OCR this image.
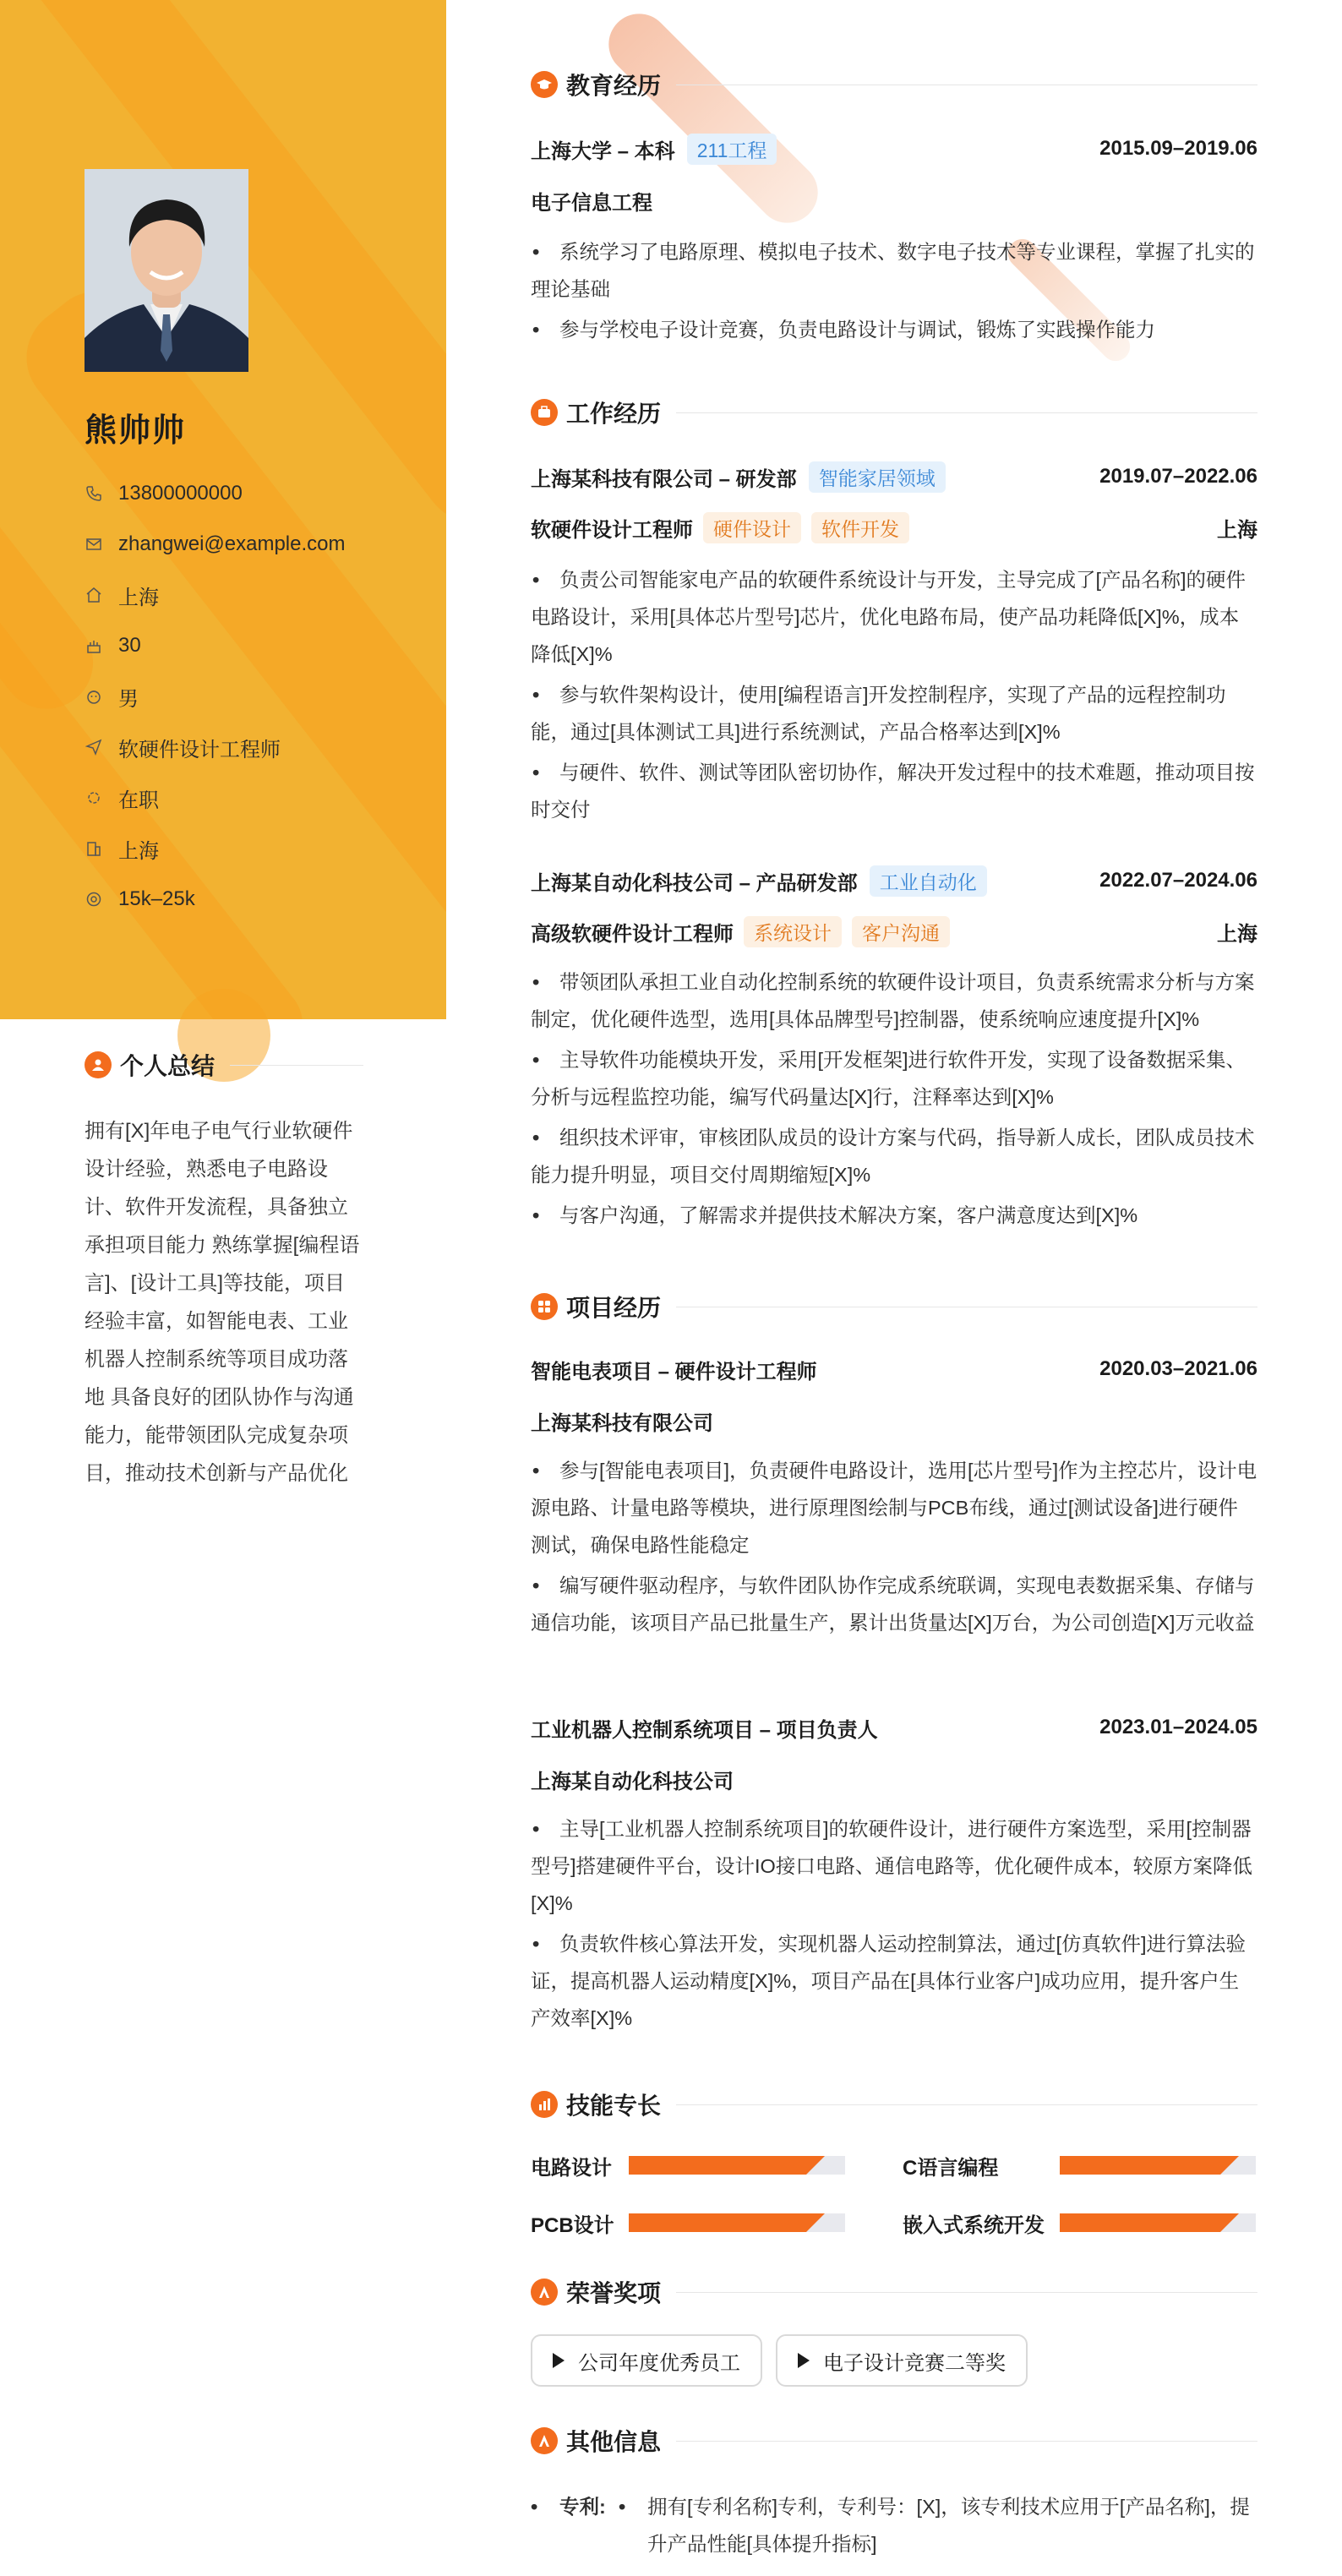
熊帅帅
13800000000
zhangwei@example.com
上海
30
男
软硬件设计工程师
在职
上海
15k–25k
个人总结
拥有[X]年电子电气行业软硬件设计经验，熟悉电子电路设计、软件开发流程，具备独立承担项目能力 熟练掌握[编程语言]、[设计工具]等技能，项目经验丰富，如智能电表、工业机器人控制系统等项目成功落地 具备良好的团队协作与沟通能力，能带领团队完成复杂项目，推动技术创新与产品优化
教育经历
上海大学 – 本科	211工程	2015.09–2019.06
电子信息工程
• 系统学习了电路原理、模拟电子技术、数字电子技术等专业课程，掌握了扎实的理论基础
• 参与学校电子设计竞赛，负责电路设计与调试，锻炼了实践操作能力
工作经历
上海某科技有限公司 – 研发部	智能家居领域	2019.07–2022.06
软硬件设计工程师	硬件设计	软件开发	上海
• 负责公司智能家电产品的软硬件系统设计与开发，主导完成了[产品名称]的硬件电路设计，采用[具体芯片型号]芯片，优化电路布局，使产品功耗降低[X]%，成本降低[X]%
• 参与软件架构设计，使用[编程语言]开发控制程序，实现了产品的远程控制功能，通过[具体测试工具]进行系统测试，产品合格率达到[X]%
• 与硬件、软件、测试等团队密切协作，解决开发过程中的技术难题，推动项目按时交付
上海某自动化科技公司 – 产品研发部	工业自动化	2022.07–2024.06
高级软硬件设计工程师	系统设计	客户沟通	上海
• 带领团队承担工业自动化控制系统的软硬件设计项目，负责系统需求分析与方案制定，优化硬件选型，选用[具体品牌型号]控制器，使系统响应速度提升[X]%
• 主导软件功能模块开发，采用[开发框架]进行软件开发，实现了设备数据采集、分析与远程监控功能，编写代码量达[X]行，注释率达到[X]%
• 组织技术评审，审核团队成员的设计方案与代码，指导新人成长，团队成员技术能力提升明显，项目交付周期缩短[X]%
• 与客户沟通，了解需求并提供技术解决方案，客户满意度达到[X]%
项目经历
智能电表项目 – 硬件设计工程师	2020.03–2021.06
上海某科技有限公司
• 参与[智能电表项目]，负责硬件电路设计，选用[芯片型号]作为主控芯片，设计电源电路、计量电路等模块，进行原理图绘制与PCB布线，通过[测试设备]进行硬件测试，确保电路性能稳定
• 编写硬件驱动程序，与软件团队协作完成系统联调，实现电表数据采集、存储与通信功能，该项目产品已批量生产，累计出货量达[X]万台，为公司创造[X]万元收益
工业机器人控制系统项目 – 项目负责人	2023.01–2024.05
上海某自动化科技公司
• 主导[工业机器人控制系统项目]的软硬件设计，进行硬件方案选型，采用[控制器型号]搭建硬件平台，设计IO接口电路、通信电路等，优化硬件成本，较原方案降低[X]%
• 负责软件核心算法开发，实现机器人运动控制算法，通过[仿真软件]进行算法验证，提高机器人运动精度[X]%，项目产品在[具体行业客户]成功应用，提升客户生产效率[X]%
技能专长
电路设计	C语言编程
PCB设计	嵌入式系统开发
荣誉奖项
公司年度优秀员工	电子设计竞赛二等奖
其他信息
•	专利: •	拥有[专利名称]专利，专利号：[X]，该专利技术应用于[产品名称]，提升产品性能[具体提升指标]
